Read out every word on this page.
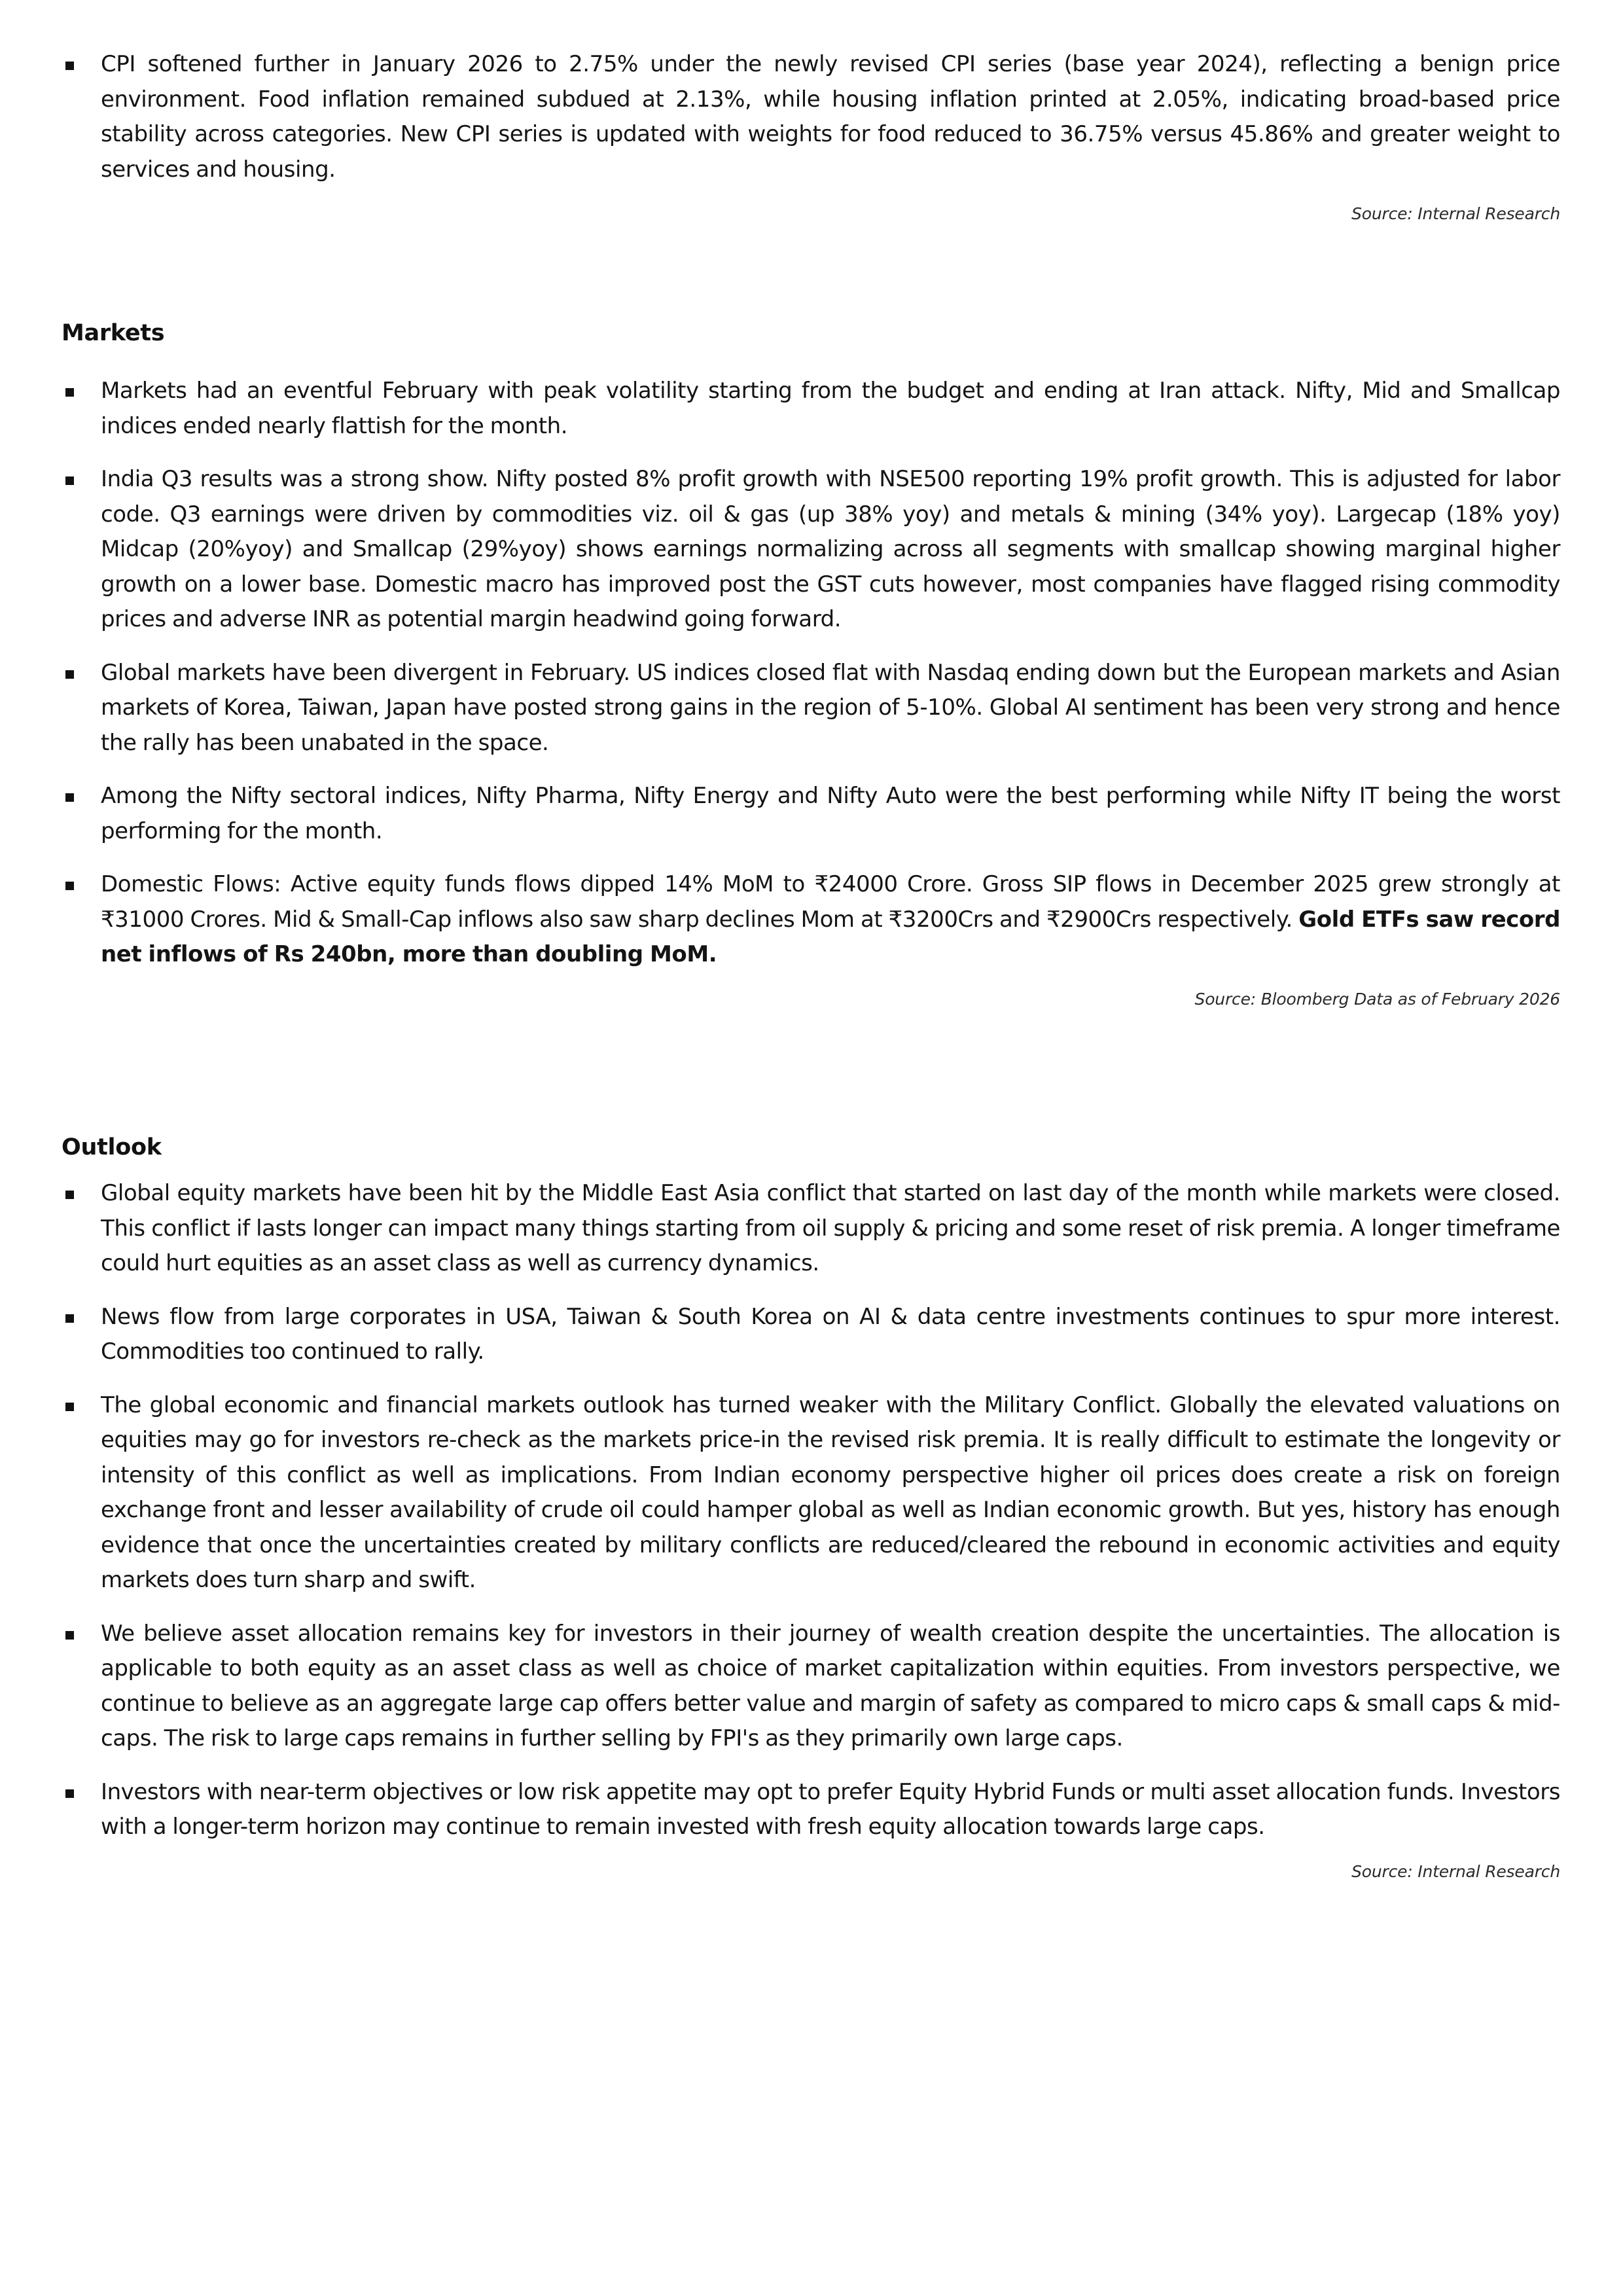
CPI softened further in January 2026 to 2.75% under the newly revised CPI series (base year 2024), reflecting a benign price environment. Food inflation remained subdued at 2.13%, while housing inflation printed at 2.05%, indicating broad-based price stability across categories. New CPI series is updated with weights for food reduced to 36.75% versus 45.86% and greater weight to services and housing.
Source: Internal Research
Markets
Markets had an eventful February with peak volatility starting from the budget and ending at Iran attack. Nifty, Mid and Smallcap indices ended nearly flattish for the month.
India Q3 results was a strong show. Nifty posted 8% profit growth with NSE500 reporting 19% profit growth. This is adjusted for labor code. Q3 earnings were driven by commodities viz. oil & gas (up 38% yoy) and metals & mining (34% yoy). Largecap (18% yoy) Midcap (20%yoy) and Smallcap (29%yoy) shows earnings normalizing across all segments with smallcap showing marginal higher growth on a lower base. Domestic macro has improved post the GST cuts however, most companies have flagged rising commodity prices and adverse INR as potential margin headwind going forward.
Global markets have been divergent in February. US indices closed flat with Nasdaq ending down but the European markets and Asian markets of Korea, Taiwan, Japan have posted strong gains in the region of 5-10%. Global AI sentiment has been very strong and hence the rally has been unabated in the space.
Among the Nifty sectoral indices, Nifty Pharma, Nifty Energy and Nifty Auto were the best performing while Nifty IT being the worst performing for the month.
Domestic Flows: Active equity funds flows dipped 14% MoM to ₹24000 Crore. Gross SIP flows in December 2025 grew strongly at ₹31000 Crores. Mid & Small-Cap inflows also saw sharp declines Mom at ₹3200Crs and ₹2900Crs respectively. Gold ETFs saw record net inflows of Rs 240bn, more than doubling MoM.
Source: Bloomberg Data as of February 2026
Outlook
Global equity markets have been hit by the Middle East Asia conflict that started on last day of the month while markets were closed. This conflict if lasts longer can impact many things starting from oil supply & pricing and some reset of risk premia. A longer timeframe could hurt equities as an asset class as well as currency dynamics.
News flow from large corporates in USA, Taiwan & South Korea on AI & data centre investments continues to spur more interest. Commodities too continued to rally.
The global economic and financial markets outlook has turned weaker with the Military Conflict. Globally the elevated valuations on equities may go for investors re-check as the markets price-in the revised risk premia. It is really difficult to estimate the longevity or intensity of this conflict as well as implications. From Indian economy perspective higher oil prices does create a risk on foreign exchange front and lesser availability of crude oil could hamper global as well as Indian economic growth. But yes, history has enough evidence that once the uncertainties created by military conflicts are reduced/cleared the rebound in economic activities and equity markets does turn sharp and swift.
We believe asset allocation remains key for investors in their journey of wealth creation despite the uncertainties. The allocation is applicable to both equity as an asset class as well as choice of market capitalization within equities. From investors perspective, we continue to believe as an aggregate large cap offers better value and margin of safety as compared to micro caps & small caps & mid-caps. The risk to large caps remains in further selling by FPI's as they primarily own large caps.
Investors with near-term objectives or low risk appetite may opt to prefer Equity Hybrid Funds or multi asset allocation funds. Investors with a longer-term horizon may continue to remain invested with fresh equity allocation towards large caps.
Source: Internal Research
